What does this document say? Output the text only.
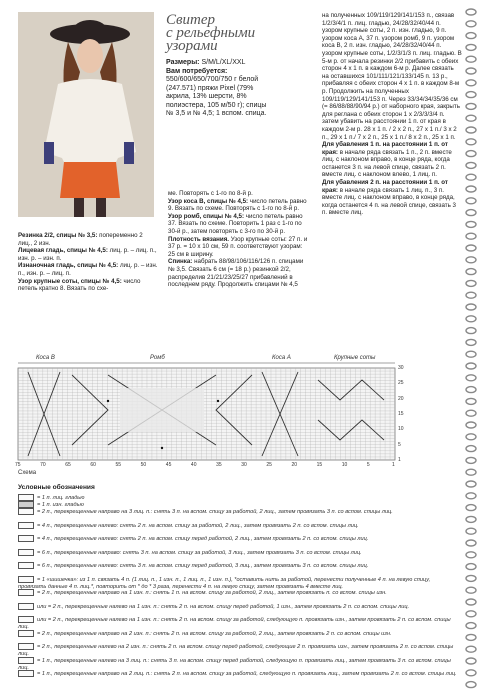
Свитер
с рельефными
узорами
Размеры: S/M/L/XL/XXL
Вам потребуется:
550/600/650/700/750 г белой
(247.571) пряжи Pixel (79%
акрила, 13% шерсти, 8%
полиэстера, 105 м/50 г); спицы
№ 3,5 и № 4,5; 1 вспом. спица.
Резинка 2/2, спицы № 3,5: попеременно 2 лиц., 2 изн.
Лицевая гладь, спицы № 4,5: лиц. р. – лиц. п., изн. р. – изн. п.
Изнаночная гладь, спицы № 4,5: лиц. р. – изн. п., изн. р. – лиц. п.
Узор крупные соты, спицы № 4,5: число петель кратно 8. Вязать по схе-
ме. Повторять с 1-го по 8-й р.
Узор коса В, спицы № 4,5: число петель равно 9. Вязать по схеме. Повторять с 1-го по 8-й р.
Узор ромб, спицы № 4,5: число петель равно 37. Вязать по схеме. Повторить 1 раз с 1-го по 30-й р., затем повторять с 3-го по 30-й р.
Плотность вязания. Узор крупные соты: 27 п. и 37 р. = 10 x 10 см, 59 п. соответствуют узорам: 25 см в ширину.
Спинка: набрать 88/98/106/116/126 п. спицами № 3,5. Связать 6 см (= 18 р.) резинкой 2/2, распределив 21/21/23/25/27 прибавлений в последнем ряду. Продолжить спицами № 4,5
на полученных 109/119/129/141/153 п., связав 1/2/3/4/1 п. лиц. гладью, 24/28/32/40/44 п. узором крупные соты, 2 п. изн. гладью, 9 п. узором коса А, 37 п. узором ромб, 9 п. узором коса В, 2 п. изн. гладью, 24/28/32/40/44 п. узором крупные соты, 1/2/3/1/3 п. лиц. гладью. В 5-м р. от начала резинки 2/2 прибавить с обеих сторон 4 x 1 п. в каждом 6-м р. Далее связать на оставшихся 101/111/121/133/145 п. 13 р., прибавляя с обеих сторон 4 x 1 п. в каждом 8-м р. Продолжить на полученных 109/119/129/141/153 п. Через 33/34/34/35/36 см (= 86/88/88/90/94 р.) от наборного края, закрыть для реглана с обеих сторон 1 x 2/3/3/3/4 п. затем убавить на расстоянии 1 п. от края в каждом 2-м р. 28 x 1 п. / 2 x 2 п., 27 x 1 п./ 3 x 2 п., 29 x 1 п./ 7 x 2 п., 25 x 1 п./ 8 x 2 п., 25 x 1 п.
Для убавления 1 п. на расстоянии 1 п. от края: в начале ряда связать 1 п., 2 п. вместе лиц. с наклоном вправо, в конце ряда, когда останется 3 п. на левой спице, связать 2 п. вместе лиц. с наклоном влево, 1 лиц. п.
Для убавления 2 п. на расстоянии 1 п. от края: в начале ряда связать 1 лиц. п., 3 п. вместе лиц. с наклоном вправо, в конце ряда, когда останется 4 п. на левой спице, связать 3 п. вместе лиц.
Коса В	Ромб	Коса А	Крупные соты
Схема
75	70	65	60	55	50	45	40	35	30	25	20	15	10	5	1
30
25
20
15
10
5
1
Условные обозначения
= 1 п. лиц. гладью
= 1 п. изн. гладью
= 2 п., перекрещенные направо на 3 лиц. п.: снять 3 п. на вспом. спицу за работой, 2 лиц., затем провязать 3 п. со вспом. спицы лиц.
= 4 п., перекрещенные налево: снять 2 п. на вспом. спицу за работой, 2 лиц., затем провязать 2 п. со вспом. спицы лиц.
= 4 п., перекрещенные налево: снять 2 п. на вспом. спицу перед работой, 2 лиц., затем провязать 2 п. со вспом. спицы лиц.
= 6 п., перекрещенные направо: снять 3 п. на вспом. спицу за работой, 3 лиц., затем провязать 3 п. со вспом. спицы лиц.
= 6 п., перекрещенные налево: снять 3 п. на вспом. спицу перед работой, 3 лиц., затем провязать 3 п. со вспом. спицы лиц.
= 1 «шишечка»: из 1 п. связать 4 п. (1 лиц. п., 1 изн. п., 1 лиц. п., 1 изн. п.), *оставить нить за работой, перенести полученные 4 п. на левую спицу, провязать данные 4 п. лиц.*, повторить от * до * 3 раза, перенести 4 п. на левую спицу, затем провязать 4 вместе лиц.
= 2 п., перекрещенные направо на 1 изн. п.: снять 1 п. на вспом. спицу за работой, 2 лиц., затем провязать п. со вспом. спицы изн.
или = 2 п., перекрещенные налево на 1 изн. п.: снять 2 п. на вспом. спицу перед работой, 1 изн., затем провязать 2 п. со вспом. спицы лиц.
или = 2 п., перекрещенные налево на 1 изн. п.: снять 2 п. на вспом. спицу за работой, следующую п. провязать изн., затем провязать 2 п. со вспом. спицы лиц.
= 2 п., перекрещенные направо на 2 изн. п.: снять 2 п. на вспом. спицу за работой, 2 лиц., затем провязать 2 п. со вспом. спицы изн.
= 2 п., перекрещенные налево на 2 изн. п.: снять 2 п. на вспом. спицу перед работой, следующие 2 п. провязать изн., затем провязать 2 п. со вспом. спицы лиц.
= 1 п., перекрещенные налево на 3 лиц. п.: снять 3 п. на вспом. спицу перед работой, следующую п. провязать лиц., затем провязать 3 п. со вспом. спицы лиц.
= 1 п., перекрещенные направо на 2 лиц. п.: снять 2 п. на вспом. спицу за работой, следующую п. провязать лиц., затем провязать 2 п. со вспом. спицы лиц.
